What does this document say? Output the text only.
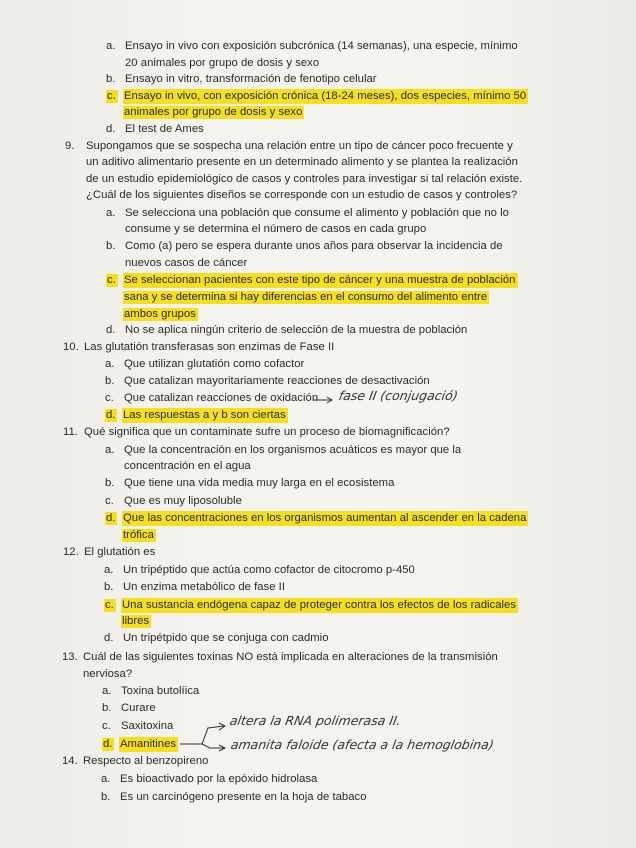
a. Ensayo in vivo con exposición subcrónica (14 semanas), una especie, mínimo
20 animales por grupo de dosis y sexo
b. Ensayo in vitro, transformación de fenotipo celular
c. Ensayo in vivo, con exposición crónica (18-24 meses), dos especies, mínimo 50
animales por grupo de dosis y sexo
d. El test de Ames
9. Supongamos que se sospecha una relación entre un tipo de cáncer poco frecuente y
un aditivo alimentario presente en un determinado alimento y se plantea la realización
de un estudio epidemiológico de casos y controles para investigar si tal relación existe.
¿Cuál de los siguientes diseños se corresponde con un estudio de casos y controles?
a. Se selecciona una población que consume el alimento y población que no lo
consume y se determina el número de casos en cada grupo
b. Como (a) pero se espera durante unos años para observar la incidencia de
nuevos casos de cáncer
c. Se seleccionan pacientes con este tipo de cáncer y una muestra de población
sana y se determina si hay diferencias en el consumo del alimento entre
ambos grupos
d. No se aplica ningún criterio de selección de la muestra de población
10. Las glutatión transferasas son enzimas de Fase II
a. Que utilizan glutatión como cofactor
b. Que catalizan mayoritariamente reacciones de desactivación
c. Que catalizan reacciones de oxidación fase II (conjugació)
d. Las respuestas a y b son ciertas
11. Qué significa que un contaminate sufre un proceso de biomagnificación?
a. Que la concentración en los organismos acuáticos es mayor que la
concentración en el agua
b. Que tiene una vida media muy larga en el ecosistema
c. Que es muy liposoluble
d. Que las concentraciones en los organismos aumentan al ascender en la cadena
trófica
12. El glutatión es
a. Un tripéptido que actúa como cofactor de citocromo p-450
b. Un enzima metabólico de fase II
c. Una sustancia endógena capaz de proteger contra los efectos de los radicales
libres
d. Un tripétpido que se conjuga con cadmio
13. Cuál de las siguientes toxinas NO está implicada en alteraciones de la transmisión
nerviosa?
a. Toxina butolíica
b. Curare
c. Saxitoxina
d. Amanitines
altera la RNA polimerasa II.
amanita faloide (afecta a la hemoglobina)
14. Respecto al benzopireno
a. Es bioactivado por la epóxido hidrolasa
b. Es un carcinógeno presente en la hoja de tabaco
